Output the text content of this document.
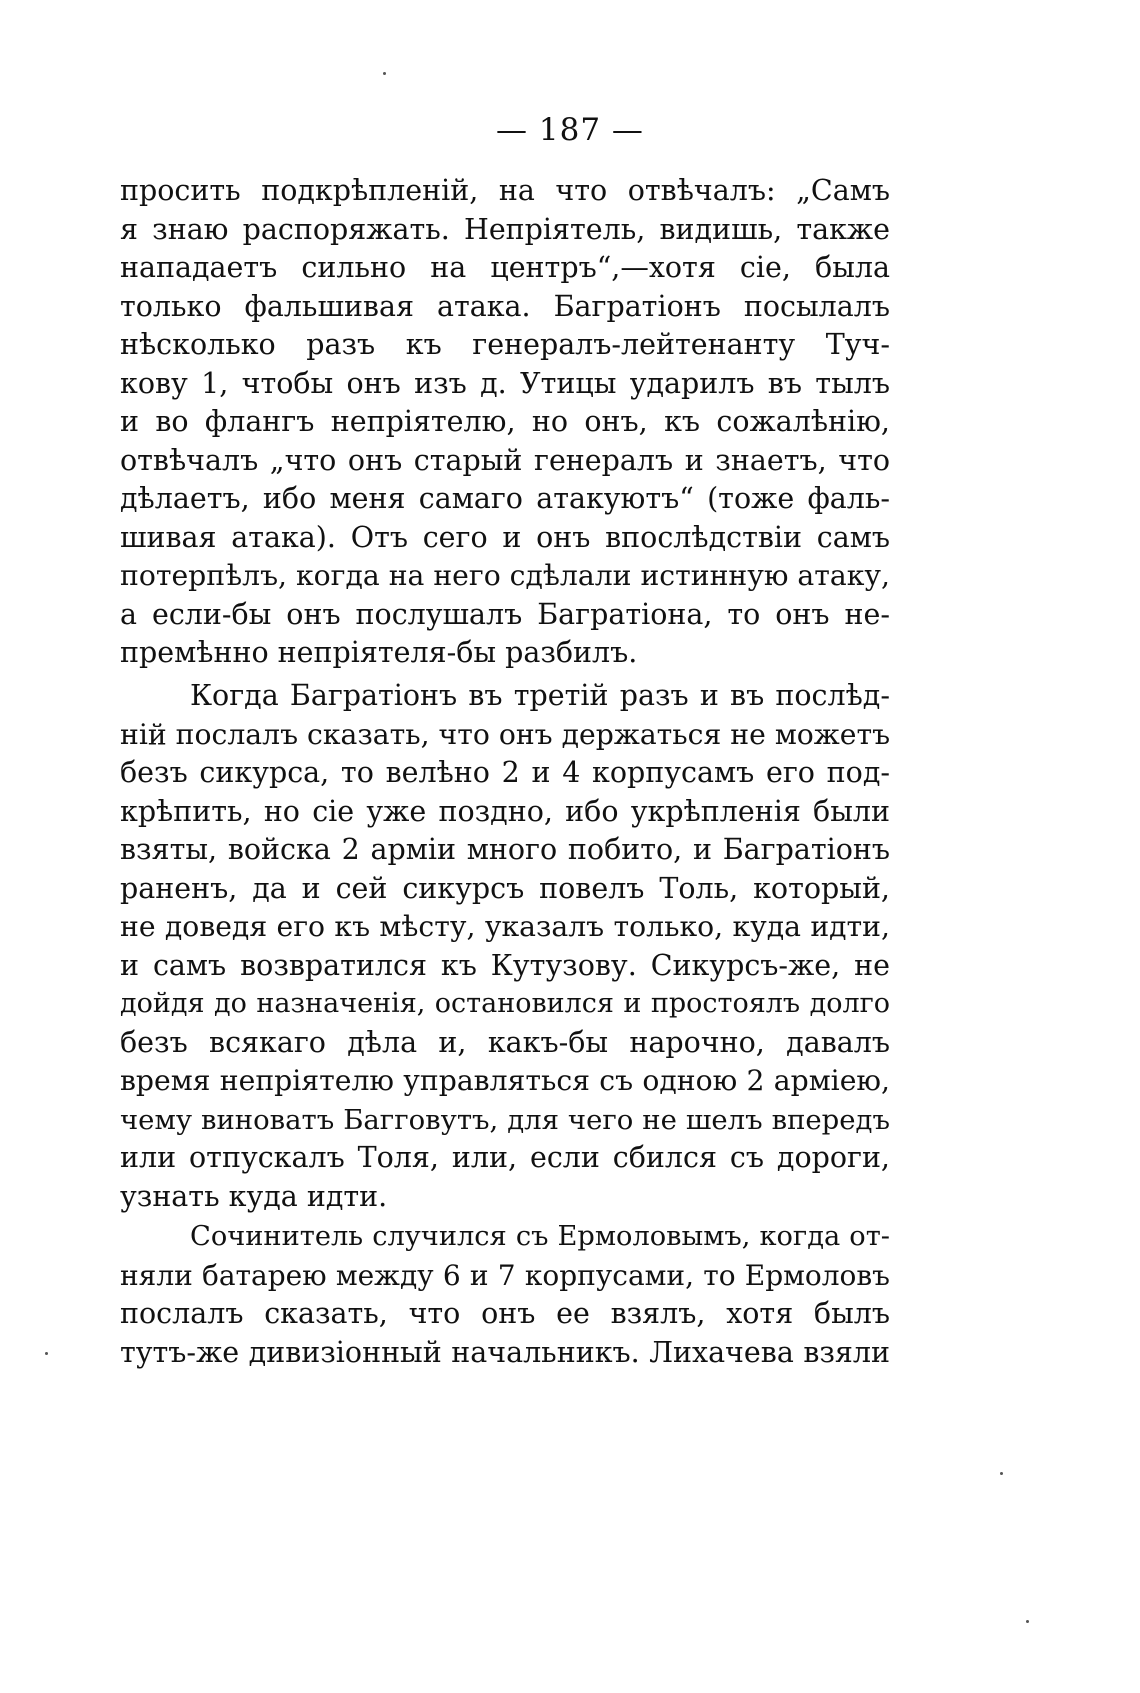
— 187 —
просить подкрѣпленій, на что отвѣчалъ: „Самъ
я знаю распоряжать. Непріятель, видишь, также
нападаетъ сильно на центръ“,—хотя сіе, была
только фальшивая атака. Багратіонъ посылалъ
нѣсколько разъ къ генералъ-лейтенанту Туч-
кову 1, чтобы онъ изъ д. Утицы ударилъ въ тылъ
и во флангъ непріятелю, но онъ, къ сожалѣнію,
отвѣчалъ „что онъ старый генералъ и знаетъ, что
дѣлаетъ, ибо меня самаго атакуютъ“ (тоже фаль-
шивая атака). Отъ сего и онъ впослѣдствіи самъ
потерпѣлъ, когда на него сдѣлали истинную атаку,
а если-бы онъ послушалъ Багратіона, то онъ не-
премѣнно непріятеля-бы разбилъ.
Когда Багратіонъ въ третій разъ и въ послѣд-
ній послалъ сказать, что онъ держаться не можетъ
безъ сикурса, то велѣно 2 и 4 корпусамъ его под-
крѣпить, но сіе уже поздно, ибо укрѣпленія были
взяты, войска 2 арміи много побито, и Багратіонъ
раненъ, да и сей сикурсъ повелъ Толь, который,
не доведя его къ мѣсту, указалъ только, куда идти,
и самъ возвратился къ Кутузову. Сикурсъ-же, не
дойдя до назначенія, остановился и простоялъ долго
безъ всякаго дѣла и, какъ-бы нарочно, давалъ
время непріятелю управляться съ одною 2 арміею,
чему виноватъ Багговутъ, для чего не шелъ впередъ
или отпускалъ Толя, или, если сбился съ дороги,
узнать куда идти.
Сочинитель случился съ Ермоловымъ, когда от-
няли батарею между 6 и 7 корпусами, то Ермоловъ
послалъ сказать, что онъ ее взялъ, хотя былъ
тутъ-же дивизіонный начальникъ. Лихачева взяли
